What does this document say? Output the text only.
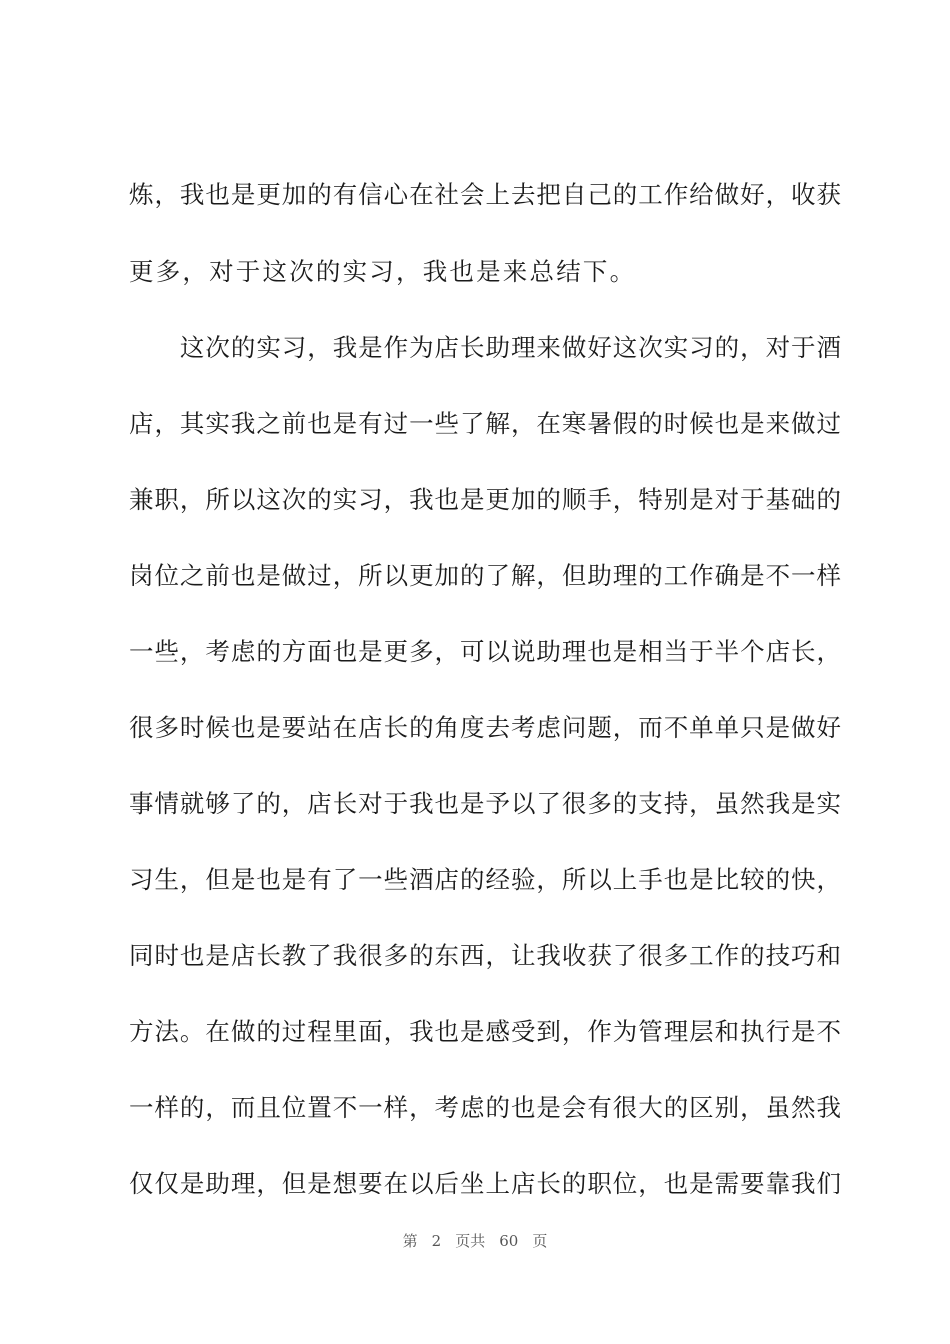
炼，我也是更加的有信心在社会上去把自己的工作给做好，收获
更多，对于这次的实习，我也是来总结下。
　　这次的实习，我是作为店长助理来做好这次实习的，对于酒
店，其实我之前也是有过一些了解，在寒暑假的时候也是来做过
兼职，所以这次的实习，我也是更加的顺手，特别是对于基础的
岗位之前也是做过，所以更加的了解，但助理的工作确是不一样
一些，考虑的方面也是更多，可以说助理也是相当于半个店长，
很多时候也是要站在店长的角度去考虑问题，而不单单只是做好
事情就够了的，店长对于我也是予以了很多的支持，虽然我是实
习生，但是也是有了一些酒店的经验，所以上手也是比较的快，
同时也是店长教了我很多的东西，让我收获了很多工作的技巧和
方法。在做的过程里面，我也是感受到，作为管理层和执行是不
一样的，而且位置不一样，考虑的也是会有很大的区别，虽然我
仅仅是助理，但是想要在以后坐上店长的职位，也是需要靠我们
第 2 页共 60 页
